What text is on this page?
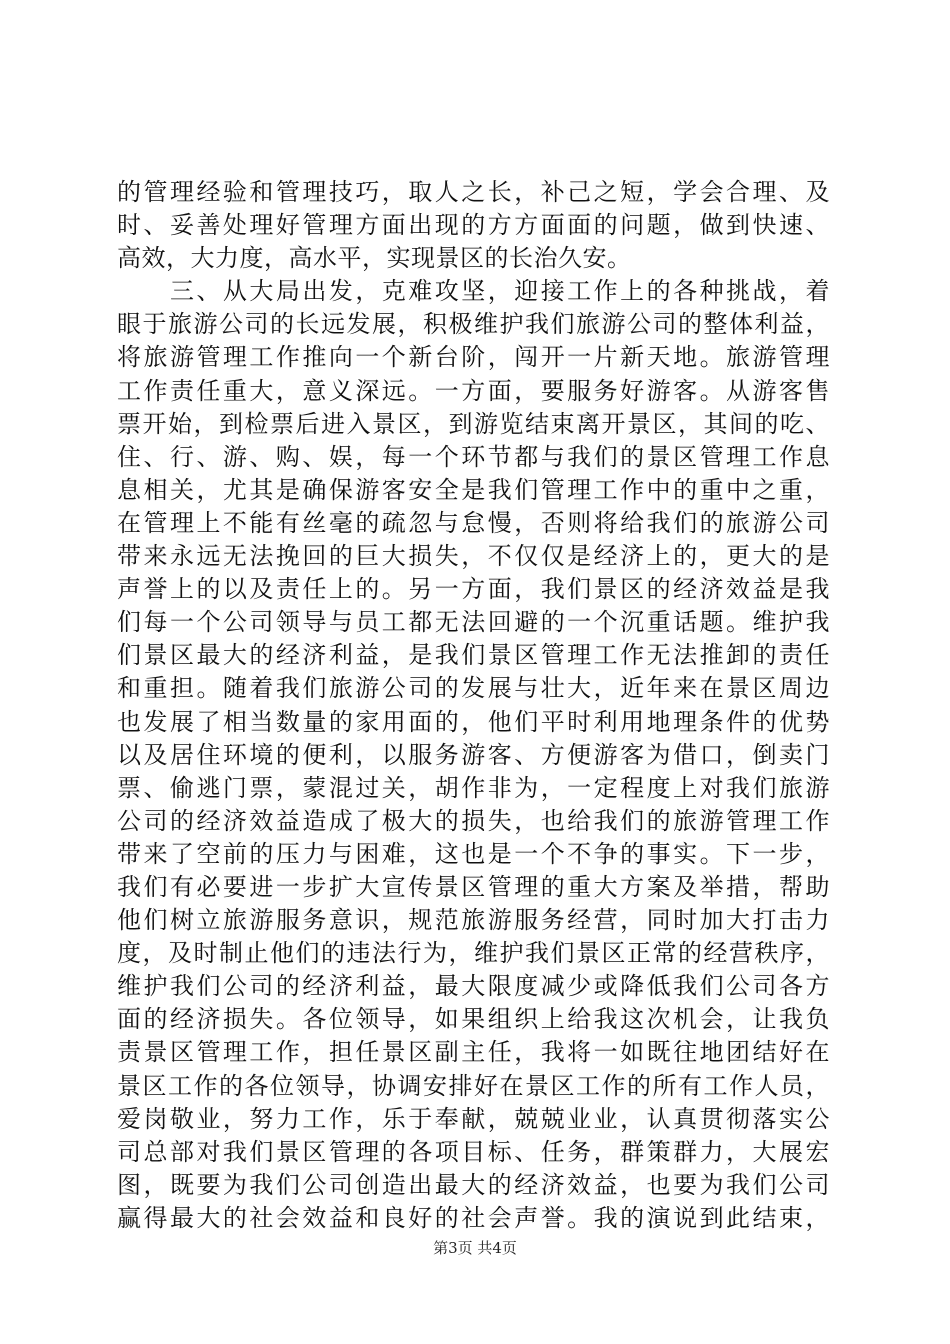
的管理经验和管理技巧，取人之长，补己之短，学会合理、及
时、妥善处理好管理方面出现的方方面面的问题，做到快速、
高效，大力度，高水平，实现景区的长治久安。
　　三、从大局出发，克难攻坚，迎接工作上的各种挑战，着
眼于旅游公司的长远发展，积极维护我们旅游公司的整体利益，
将旅游管理工作推向一个新台阶，闯开一片新天地。旅游管理
工作责任重大，意义深远。一方面，要服务好游客。从游客售
票开始，到检票后进入景区，到游览结束离开景区，其间的吃、
住、行、游、购、娱，每一个环节都与我们的景区管理工作息
息相关，尤其是确保游客安全是我们管理工作中的重中之重，
在管理上不能有丝毫的疏忽与怠慢，否则将给我们的旅游公司
带来永远无法挽回的巨大损失，不仅仅是经济上的，更大的是
声誉上的以及责任上的。另一方面，我们景区的经济效益是我
们每一个公司领导与员工都无法回避的一个沉重话题。维护我
们景区最大的经济利益，是我们景区管理工作无法推卸的责任
和重担。随着我们旅游公司的发展与壮大，近年来在景区周边
也发展了相当数量的家用面的，他们平时利用地理条件的优势
以及居住环境的便利，以服务游客、方便游客为借口，倒卖门
票、偷逃门票，蒙混过关，胡作非为，一定程度上对我们旅游
公司的经济效益造成了极大的损失，也给我们的旅游管理工作
带来了空前的压力与困难，这也是一个不争的事实。下一步，
我们有必要进一步扩大宣传景区管理的重大方案及举措，帮助
他们树立旅游服务意识，规范旅游服务经营，同时加大打击力
度，及时制止他们的违法行为，维护我们景区正常的经营秩序，
维护我们公司的经济利益，最大限度减少或降低我们公司各方
面的经济损失。各位领导，如果组织上给我这次机会，让我负
责景区管理工作，担任景区副主任，我将一如既往地团结好在
景区工作的各位领导，协调安排好在景区工作的所有工作人员，
爱岗敬业，努力工作，乐于奉献，兢兢业业，认真贯彻落实公
司总部对我们景区管理的各项目标、任务，群策群力，大展宏
图，既要为我们公司创造出最大的经济效益，也要为我们公司
赢得最大的社会效益和良好的社会声誉。我的演说到此结束，
第3页 共4页
